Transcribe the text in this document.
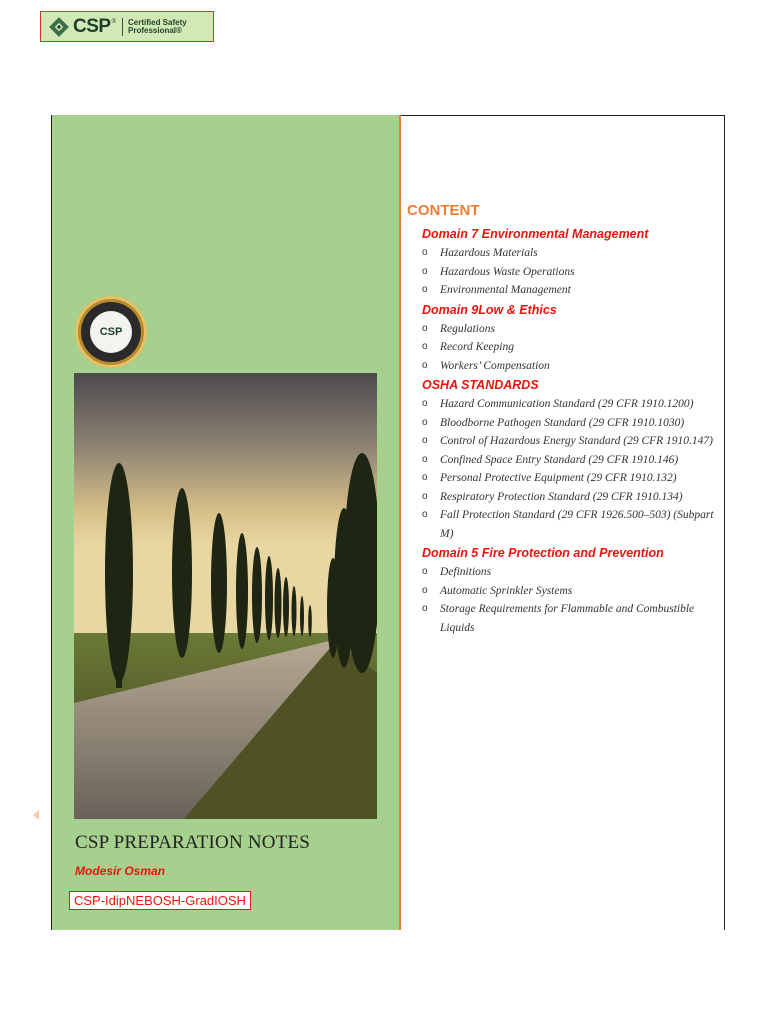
CSP ® Certified Safety
Professional®
CSP
CSP PREPARATION NOTES
Modesir Osman
CSP-IdipNEBOSH-GradIOSH
CONTENT
Domain 7 Environmental Management
o Hazardous Materials
o Hazardous Waste Operations
o Environmental Management
Domain 9Low & Ethics
o Regulations
o Record Keeping
o Workers’ Compensation
OSHA STANDARDS
o Hazard Communication Standard (29 CFR 1910.1200)
o Bloodborne Pathogen Standard (29 CFR 1910.1030)
o Control of Hazardous Energy Standard (29 CFR 1910.147)
o Confined Space Entry Standard (29 CFR 1910.146)
o Personal Protective Equipment (29 CFR 1910.132)
o Respiratory Protection Standard (29 CFR 1910.134)
o Fall Protection Standard (29 CFR 1926.500–503) (Subpart M)
Domain 5 Fire Protection and Prevention
o Definitions
o Automatic Sprinkler Systems
o Storage Requirements for Flammable and Combustible Liquids
